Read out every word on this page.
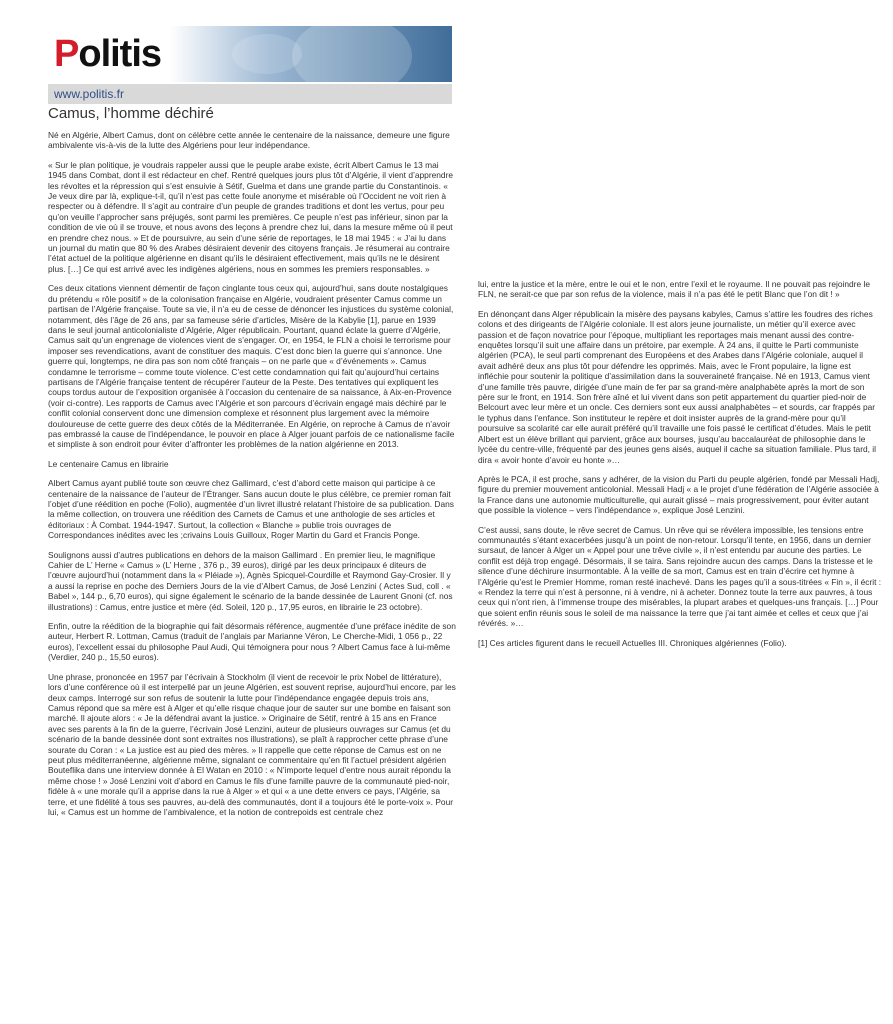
Politis
www.politis.fr
Camus, l’homme déchiré

Né en Algérie, Albert Camus, dont on célèbre cette année le centenaire de la naissance, demeure une figure ambivalente vis-à-vis de la lutte des Algériens pour leur indépendance.

« Sur le plan politique, je voudrais rappeler aussi que le peuple arabe existe, écrit Albert Camus le 13 mai 1945 dans Combat, dont il est rédacteur en chef. Rentré quelques jours plus tôt d’Algérie, il vient d’apprendre les révoltes et la répression qui s’est ensuivie à Sétif, Guelma et dans une grande partie du Constantinois. « Je veux dire par là, explique-t-il, qu’il n’est pas cette foule anonyme et misérable où l’Occident ne voit rien à respecter ou à défendre. Il s’agit au contraire d’un peuple de grandes traditions et dont les vertus, pour peu qu’on veuille l’approcher sans préjugés, sont parmi les premières. Ce peuple n’est pas inférieur, sinon par la condition de vie où il se trouve, et nous avons des leçons à prendre chez lui, dans la mesure même où il peut en prendre chez nous. » Et de poursuivre, au sein d’une série de reportages, le 18 mai 1945 : « J’ai lu dans un journal du matin que 80 % des Arabes désiraient devenir des citoyens français. Je résumerai au contraire l’état actuel de la politique algérienne en disant qu’ils le désiraient effectivement, mais qu’ils ne le désirent plus. […] Ce qui est arrivé avec les indigènes algériens, nous en sommes les premiers responsables. »

Ces deux citations viennent démentir de façon cinglante tous ceux qui, aujourd’hui, sans doute nostalgiques du prétendu « rôle positif » de la colonisation française en Algérie, voudraient présenter Camus comme un partisan de l’Algérie française. Toute sa vie, il n’a eu de cesse de dénoncer les injustices du système colonial, notamment, dès l’âge de 26 ans, par sa fameuse série d’articles, Misère de la Kabylie [1], parue en 1939 dans le seul journal anticolonialiste d’Algérie, Alger républicain. Pourtant, quand éclate la guerre d’Algérie, Camus sait qu’un engrenage de violences vient de s’engager. Or, en 1954, le FLN a choisi le terrorisme pour imposer ses revendications, avant de constituer des maquis. C’est donc bien la guerre qui s’annonce. Une guerre qui, longtemps, ne dira pas son nom côté français – on ne parle que « d’événements ». Camus condamne le terrorisme – comme toute violence. C’est cette condamnation qui fait qu’aujourd’hui certains partisans de l’Algérie française tentent de récupérer l’auteur de la Peste. Des tentatives qui expliquent les coups tordus autour de l’exposition organisée à l’occasion du centenaire de sa naissance, à Aix-en-Provence (voir ci-contre). Les rapports de Camus avec l’Algérie et son parcours d’écrivain engagé mais déchiré par le conflit colonial conservent donc une dimension complexe et résonnent plus largement avec la mémoire douloureuse de cette guerre des deux côtés de la Méditerranée. En Algérie, on reproche à Camus de n’avoir pas embrassé la cause de l’indépendance, le pouvoir en place à Alger jouant parfois de ce nationalisme facile et simpliste à son endroit pour éviter d’affronter les problèmes de la nation algérienne en 2013.

Le centenaire Camus en librairie

Albert Camus ayant publié toute son œuvre chez Gallimard, c’est d’abord cette maison qui participe à ce centenaire de la naissance de l’auteur de l’Étranger. Sans aucun doute le plus célèbre, ce premier roman fait l’objet d’une réédition en poche (Folio), augmentée d’un livret illustré relatant l’histoire de sa publication. Dans la même collection, on trouvera une réédition des Carnets de Camus et une anthologie de ses articles et éditoriaux : À Combat. 1944-1947. Surtout, la collection « Blanche » publie trois ouvrages de Correspondances inédites avec les ;crivains Louis Guilloux, Roger Martin du Gard et Francis Ponge.

Soulignons aussi d’autres publications en dehors de la maison Gallimard . En premier lieu, le magnifique Cahier de L’ Herne « Camus » (L’ Herne , 376 p., 39 euros), dirigé par les deux principaux é diteurs de l’œuvre aujourd’hui (notamment dans la « Pléiade »), Agnès Spicquel-Courdille et Raymond Gay-Crosier. Il y a aussi la reprise en poche des Derniers Jours de la vie d’Albert Camus, de José Lenzini ( Actes Sud, coll . « Babel », 144 p., 6,70 euros), qui signe également le scénario de la bande dessinée de Laurent Gnoni (cf. nos illustrations) : Camus, entre justice et mère (éd. Soleil, 120 p., 17,95 euros, en librairie le 23 octobre).

Enfin, outre la réédition de la biographie qui fait désormais référence, augmentée d’une préface inédite de son auteur, Herbert R. Lottman, Camus (traduit de l’anglais par Marianne Véron, Le Cherche-Midi, 1 056 p., 22 euros), l’excellent essai du philosophe Paul Audi, Qui témoignera pour nous ? Albert Camus face à lui-même (Verdier, 240 p., 15,50 euros).

Une phrase, prononcée en 1957 par l’écrivain à Stockholm (il vient de recevoir le prix Nobel de littérature), lors d’une conférence où il est interpellé par un jeune Algérien, est souvent reprise, aujourd’hui encore, par les deux camps. Interrogé sur son refus de soutenir la lutte pour l’indépendance engagée depuis trois ans, Camus répond que sa mère est à Alger et qu’elle risque chaque jour de sauter sur une bombe en faisant son marché. Il ajoute alors : « Je la défendrai avant la justice. » Originaire de Sétif, rentré à 15 ans en France avec ses parents à la fin de la guerre, l’écrivain José Lenzini, auteur de plusieurs ouvrages sur Camus (et du scénario de la bande dessinée dont sont extraites nos illustrations), se plaît à rapprocher cette phrase d’une sourate du Coran : « La justice est au pied des mères. » Il rappelle que cette réponse de Camus est on ne peut plus méditerranéenne, algérienne même, signalant ce commentaire qu’en fit l’actuel président algérien Bouteflika dans une interview donnée à El Watan en 2010 : « N’importe lequel d’entre nous aurait répondu la même chose ! » José Lenzini voit d’abord en Camus le fils d’une famille pauvre de la communauté pied-noir, fidèle à « une morale qu’il a apprise dans la rue à Alger » et qui « a une dette envers ce pays, l’Algérie, sa terre, et une fidélité à tous ses pauvres, au-delà des communautés, dont il a toujours été le porte-voix ». Pour lui, « Camus est un homme de l’ambivalence, et la notion de contrepoids est centrale chez

lui, entre la justice et la mère, entre le oui et le non, entre l’exil et le royaume. Il ne pouvait pas rejoindre le FLN, ne serait-ce que par son refus de la violence, mais il n’a pas été le petit Blanc que l’on dit ! »

En dénonçant dans Alger républicain la misère des paysans kabyles, Camus s’attire les foudres des riches colons et des dirigeants de l’Algérie coloniale. Il est alors jeune journaliste, un métier qu’il exerce avec passion et de façon novatrice pour l’époque, multipliant les reportages mais menant aussi des contre-enquêtes lorsqu’il suit une affaire dans un prétoire, par exemple. À 24 ans, il quitte le Parti communiste algérien (PCA), le seul parti comprenant des Européens et des Arabes dans l’Algérie coloniale, auquel il avait adhéré deux ans plus tôt pour défendre les opprimés. Mais, avec le Front populaire, la ligne est infléchie pour soutenir la politique d’assimilation dans la souveraineté française. Né en 1913, Camus vient d’une famille très pauvre, dirigée d’une main de fer par sa grand-mère analphabète après la mort de son père sur le front, en 1914. Son frère aîné et lui vivent dans son petit appartement du quartier pied-noir de Belcourt avec leur mère et un oncle. Ces derniers sont eux aussi analphabètes – et sourds, car frappés par le typhus dans l’enfance. Son instituteur le repère et doit insister auprès de la grand-mère pour qu’il poursuive sa scolarité car elle aurait préféré qu’il travaille une fois passé le certificat d’études. Mais le petit Albert est un élève brillant qui parvient, grâce aux bourses, jusqu’au baccalauréat de philosophie dans le lycée du centre-ville, fréquenté par des jeunes gens aisés, auquel il cache sa situation familiale. Plus tard, il dira « avoir honte d’avoir eu honte »…

Après le PCA, il est proche, sans y adhérer, de la vision du Parti du peuple algérien, fondé par Messali Hadj, figure du premier mouvement anticolonial. Messali Hadj « a le projet d’une fédération de l’Algérie associée à la France dans une autonomie multiculturelle, qui aurait glissé – mais progressivement, pour éviter autant que possible la violence – vers l’indépendance », explique José Lenzini.

C’est aussi, sans doute, le rêve secret de Camus. Un rêve qui se révélera impossible, les tensions entre communautés s’étant exacerbées jusqu’à un point de non-retour. Lorsqu’il tente, en 1956, dans un dernier sursaut, de lancer à Alger un « Appel pour une trêve civile », il n’est entendu par aucune des parties. Le conflit est déjà trop engagé. Désormais, il se taira. Sans rejoindre aucun des camps. Dans la tristesse et le silence d’une déchirure insurmontable. À la veille de sa mort, Camus est en train d’écrire cet hymne à l’Algérie qu’est le Premier Homme, roman resté inachevé. Dans les pages qu’il a sous-titrées « Fin », il écrit : « Rendez la terre qui n’est à personne, ni à vendre, ni à acheter. Donnez toute la terre aux pauvres, à tous ceux qui n’ont rien, à l’immense troupe des misérables, la plupart arabes et quelques-uns français. […] Pour que soient enfin réunis sous le soleil de ma naissance la terre que j’ai tant aimée et celles et ceux que j’ai révérés. »…

[1] Ces articles figurent dans le recueil Actuelles III. Chroniques algériennes (Folio).
